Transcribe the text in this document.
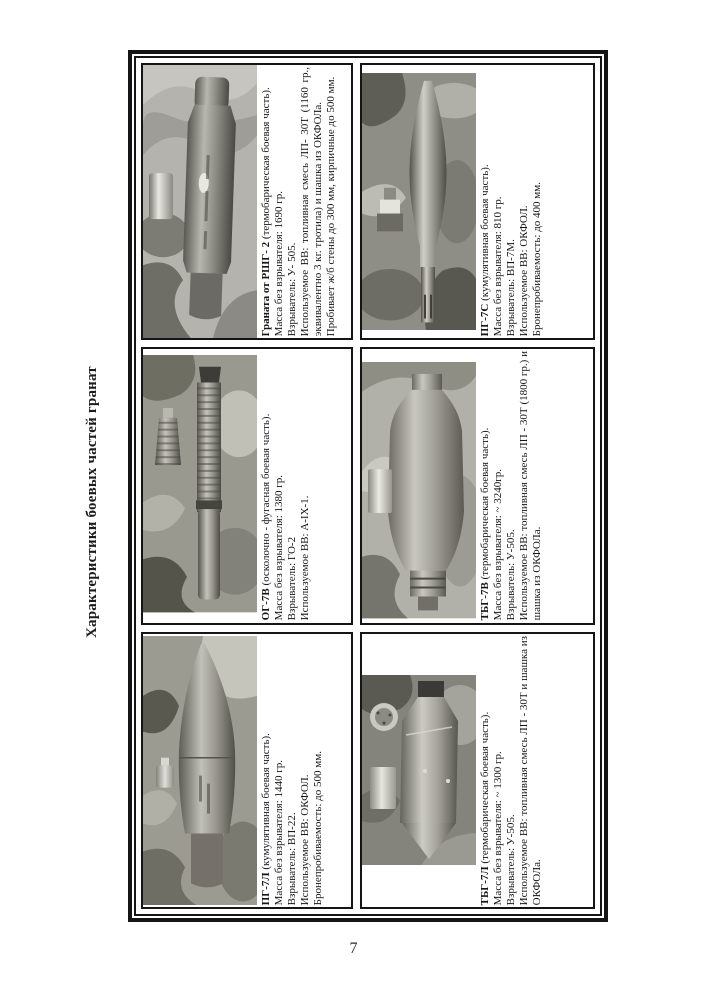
Характеристики боевых частей гранат

Граната от РШГ- 2 (термобарическая боевая часть).

Масса без взрывателя: 1690 гр. Взрыватель: У- 505. Используемое ВВ: топливная смесь ЛП- 30Т (1160 гр., эквивалентно 3 кг. тротила) и шашка из ОКФОЛа. Пробивает ж/б стены до 300 мм, кирпичные до 500 мм.	ПГ-7С (кумулятивная боевая часть). Масса без взрывателя: 810 гр. Взрыватель: ВП-7М. Используемое ВВ: ОКФОЛ. Бронепробиваемость: до 400 мм.

ОГ-7В (осколочно - фугасная боевая часть). Масса без взрывателя: 1380 гр. Взрыватель: ГО-2 Используемое ВВ: А-IX-1.	ТБГ-7В (термобарическая боевая часть). Масса без взрывателя: ~ 3240гр. Взрыватель: У-505. Используемое ВВ: топливная смесь ЛП - 30Т (1800 гр.) и шашка из ОКФОЛа.

ПГ-7Л (кумулятивная боевая часть). Масса без взрывателя: 1440 гр. Взрыватель: ВП-22. Используемое ВВ: ОКФОЛ. Бронепробиваемость: до 500 мм.	ТБГ-7Л (термобарическая боевая часть). Масса без взрывателя: ~ 1300 гр. Взрыватель: У-505. Используемое ВВ: топливная смесь ЛП - 30Т и шашка из ОКФОЛа.

7
